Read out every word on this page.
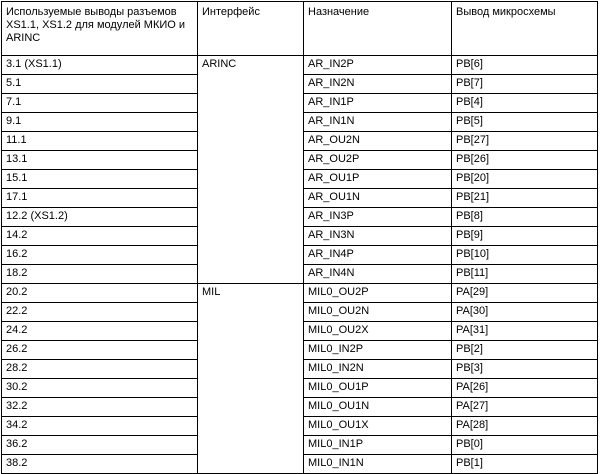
Используемые выводы разъемов XS1.1, XS1.2 для модулей МКИО и ARINC	Интерфейс	Назначение	Вывод микросхемы
3.1 (XS1.1)	ARINC	AR_IN2P	PB[6]
5.1		AR_IN2N	PB[7]
7.1		AR_IN1P	PB[4]
9.1		AR_IN1N	PB[5]
11.1		AR_OU2N	PB[27]
13.1		AR_OU2P	PB[26]
15.1		AR_OU1P	PB[20]
17.1		AR_OU1N	PB[21]
12.2 (XS1.2)		AR_IN3P	PB[8]
14.2		AR_IN3N	PB[9]
16.2		AR_IN4P	PB[10]
18.2		AR_IN4N	PB[11]
20.2	MIL	MIL0_OU2P	PA[29]
22.2		MIL0_OU2N	PA[30]
24.2		MIL0_OU2X	PA[31]
26.2		MIL0_IN2P	PB[2]
28.2		MIL0_IN2N	PB[3]
30.2		MIL0_OU1P	PA[26]
32.2		MIL0_OU1N	PA[27]
34.2		MIL0_OU1X	PA[28]
36.2		MIL0_IN1P	PB[0]
38.2		MIL0_IN1N	PB[1]
